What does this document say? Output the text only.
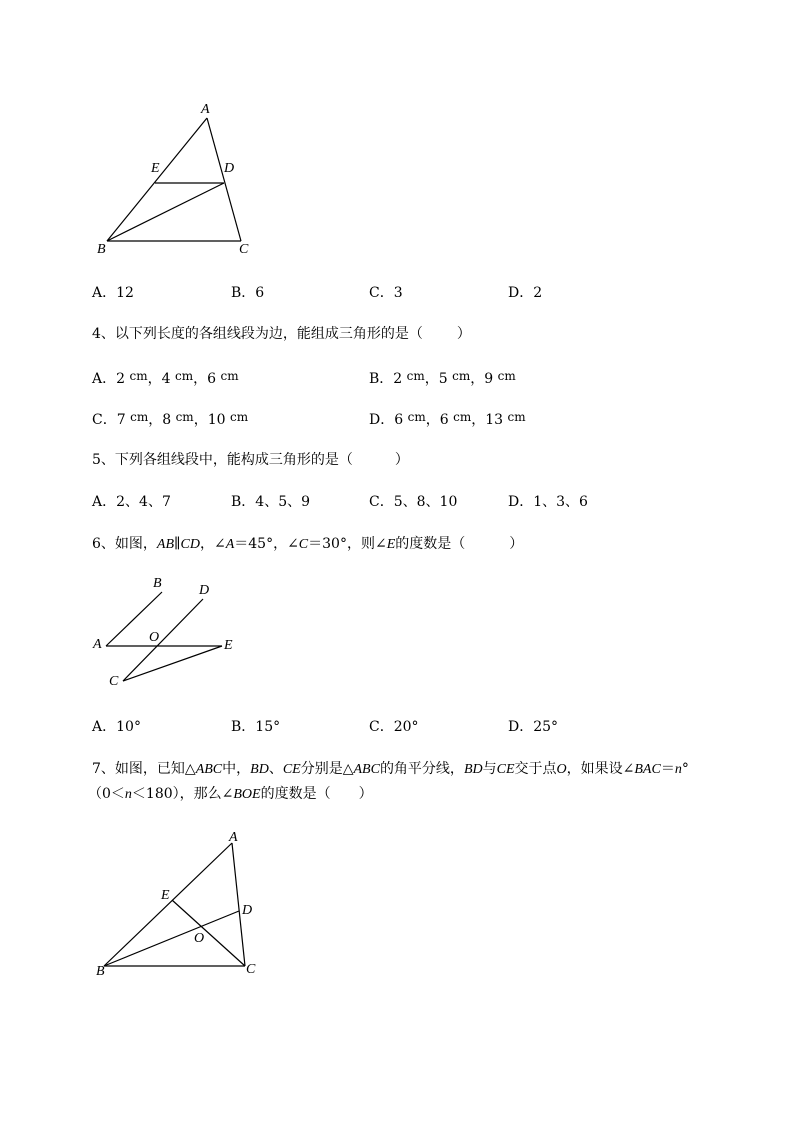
A
E	D
B	C
A．12	B．6	C．3	D．2
4、以下列长度的各组线段为边，能组成三角形的是（ ）
A．2 cm，4 cm，6 cm	B．2 cm，5 cm，9 cm
C．7 cm，8 cm，10 cm	D．6 cm，6 cm，13 cm
5、下列各组线段中，能构成三角形的是（	）
A．2、4、7	B．4、5、9	C．5、8、10	D．1、3、6
6、如图，AB∥CD，∠A＝45°，∠C＝30°，则∠E的度数是（	）
B	D
A	O
E
C
A．10°	B．15°	C．20°	D．25°
7、如图，已知△ABC中，BD、CE分别是△ABC的角平分线，BD与CE交于点O，如果设∠BAC＝n°
（0＜n＜180），那么∠BOE的度数是（ ）
A
E
D
O
B	C
